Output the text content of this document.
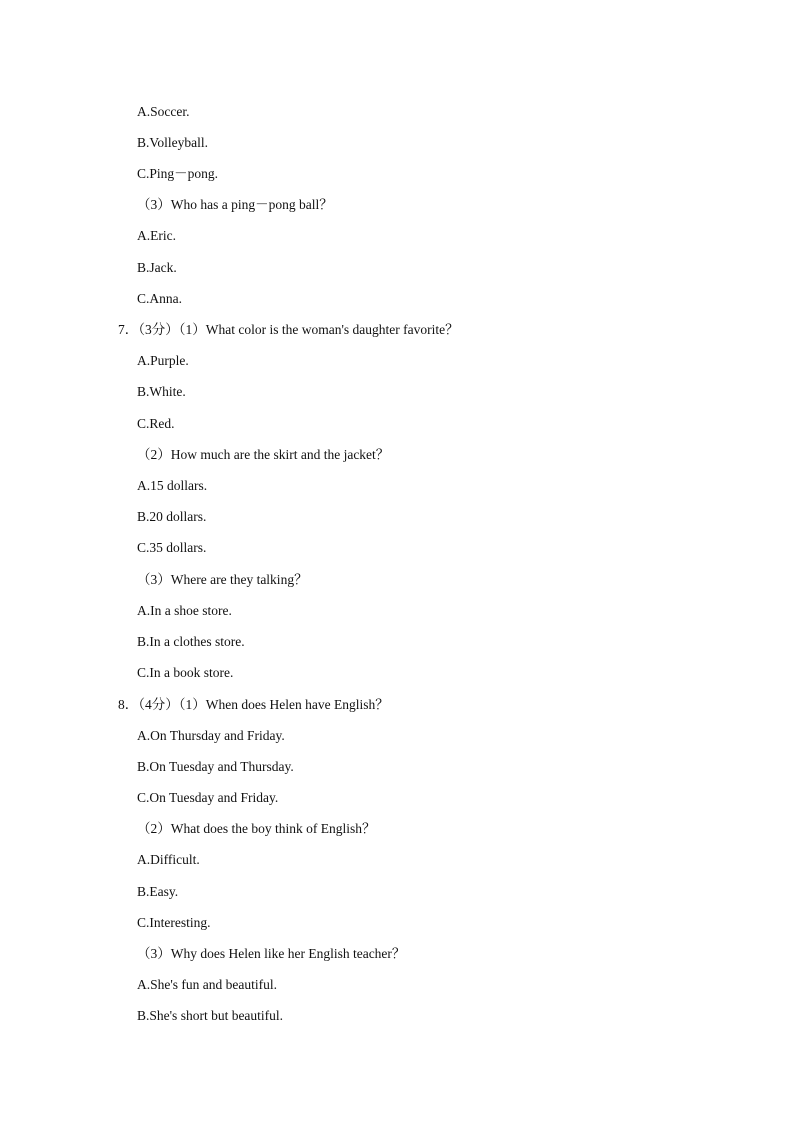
A.Soccer.
B.Volleyball.
C.Ping－pong.
（3）Who has a ping－pong ball？
A.Eric.
B.Jack.
C.Anna.
7．（3分）（1）What color is the woman's daughter favorite？
A.Purple.
B.White.
C.Red.
（2）How much are the skirt and the jacket？
A.15 dollars.
B.20 dollars.
C.35 dollars.
（3）Where are they talking？
A.In a shoe store.
B.In a clothes store.
C.In a book store.
8．（4分）（1）When does Helen have English？
A.On Thursday and Friday.
B.On Tuesday and Thursday.
C.On Tuesday and Friday.
（2）What does the boy think of English？
A.Difficult.
B.Easy.
C.Interesting.
（3）Why does Helen like her English teacher？
A.She's fun and beautiful.
B.She's short but beautiful.
